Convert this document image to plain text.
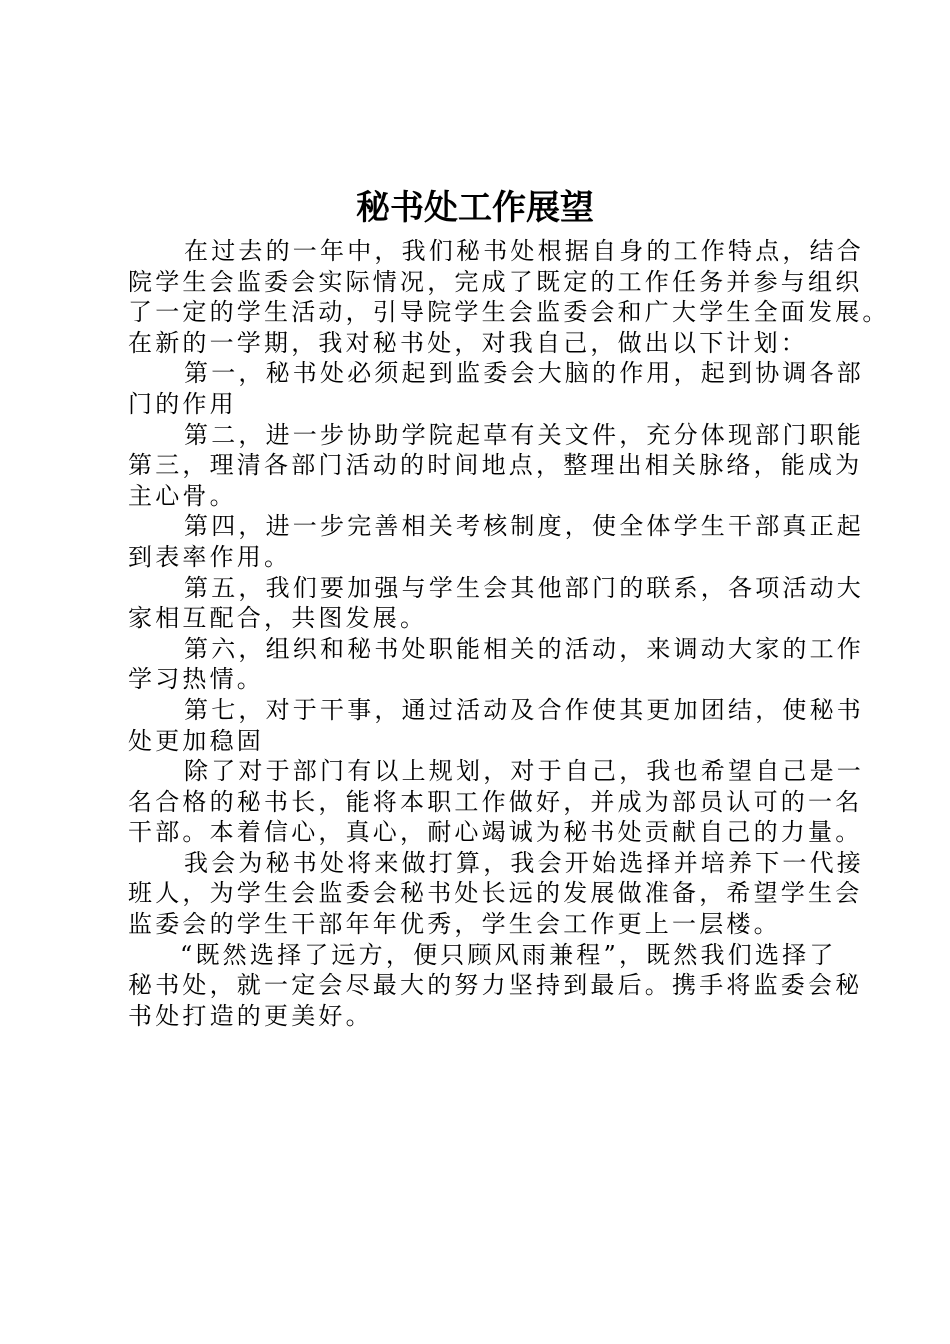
秘书处工作展望
在过去的一年中，我们秘书处根据自身的工作特点，结合
院学生会监委会实际情况，完成了既定的工作任务并参与组织
了一定的学生活动，引导院学生会监委会和广大学生全面发展。
在新的一学期，我对秘书处，对我自己，做出以下计划：
第一，秘书处必须起到监委会大脑的作用，起到协调各部
门的作用
第二，进一步协助学院起草有关文件，充分体现部门职能
第三，理清各部门活动的时间地点，整理出相关脉络，能成为
主心骨。
第四，进一步完善相关考核制度，使全体学生干部真正起
到表率作用。
第五，我们要加强与学生会其他部门的联系，各项活动大
家相互配合，共图发展。
第六，组织和秘书处职能相关的活动，来调动大家的工作
学习热情。
第七，对于干事，通过活动及合作使其更加团结，使秘书
处更加稳固
除了对于部门有以上规划，对于自己，我也希望自己是一
名合格的秘书长，能将本职工作做好，并成为部员认可的一名
干部。本着信心，真心，耐心竭诚为秘书处贡献自己的力量。
我会为秘书处将来做打算，我会开始选择并培养下一代接
班人，为学生会监委会秘书处长远的发展做准备，希望学生会
监委会的学生干部年年优秀，学生会工作更上一层楼。
“既然选择了远方，便只顾风雨兼程”，既然我们选择了
秘书处，就一定会尽最大的努力坚持到最后。携手将监委会秘
书处打造的更美好。
